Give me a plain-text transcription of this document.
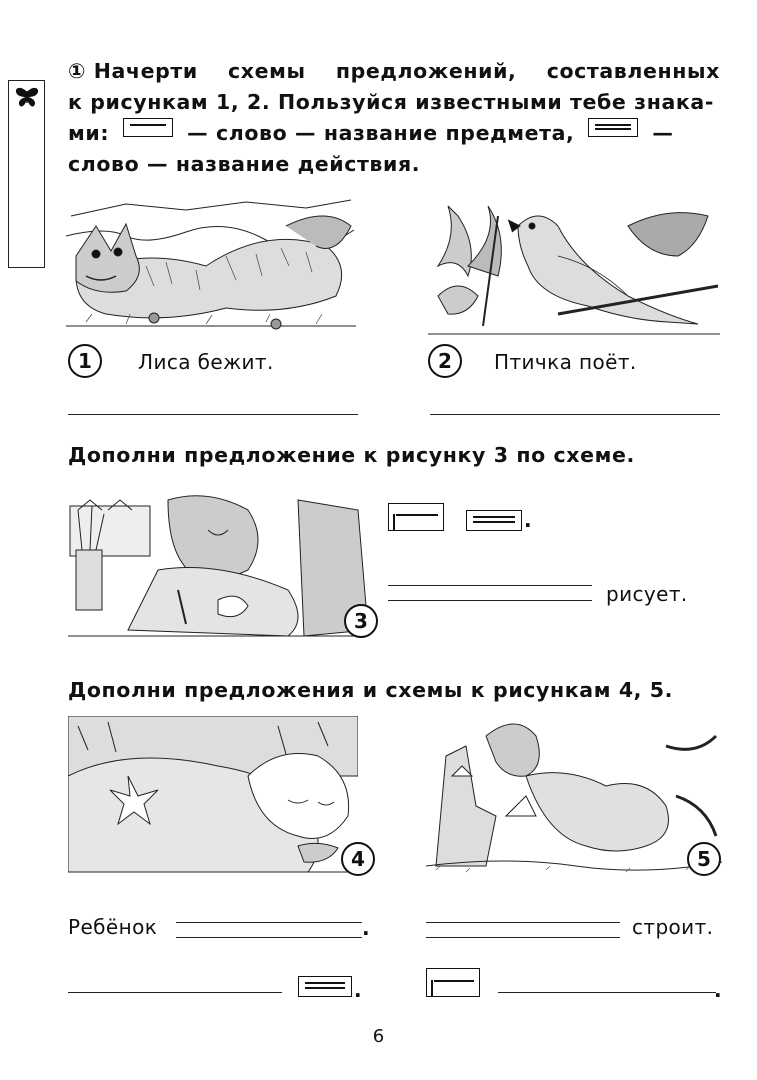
① Начерти схемы предложений, составленных
к рисункам 1, 2. Пользуйся известными тебе знака-
ми:	— слово — название предмета,	—
слово — название действия.
1	Лиса бежит.	2	Птичка поёт.
Дополни предложение к рисунку 3 по схеме.
3
.
рисует.
Дополни предложения и схемы к рисункам 4, 5.
4	5
Ребёнок	.	строит.
.	.
6
